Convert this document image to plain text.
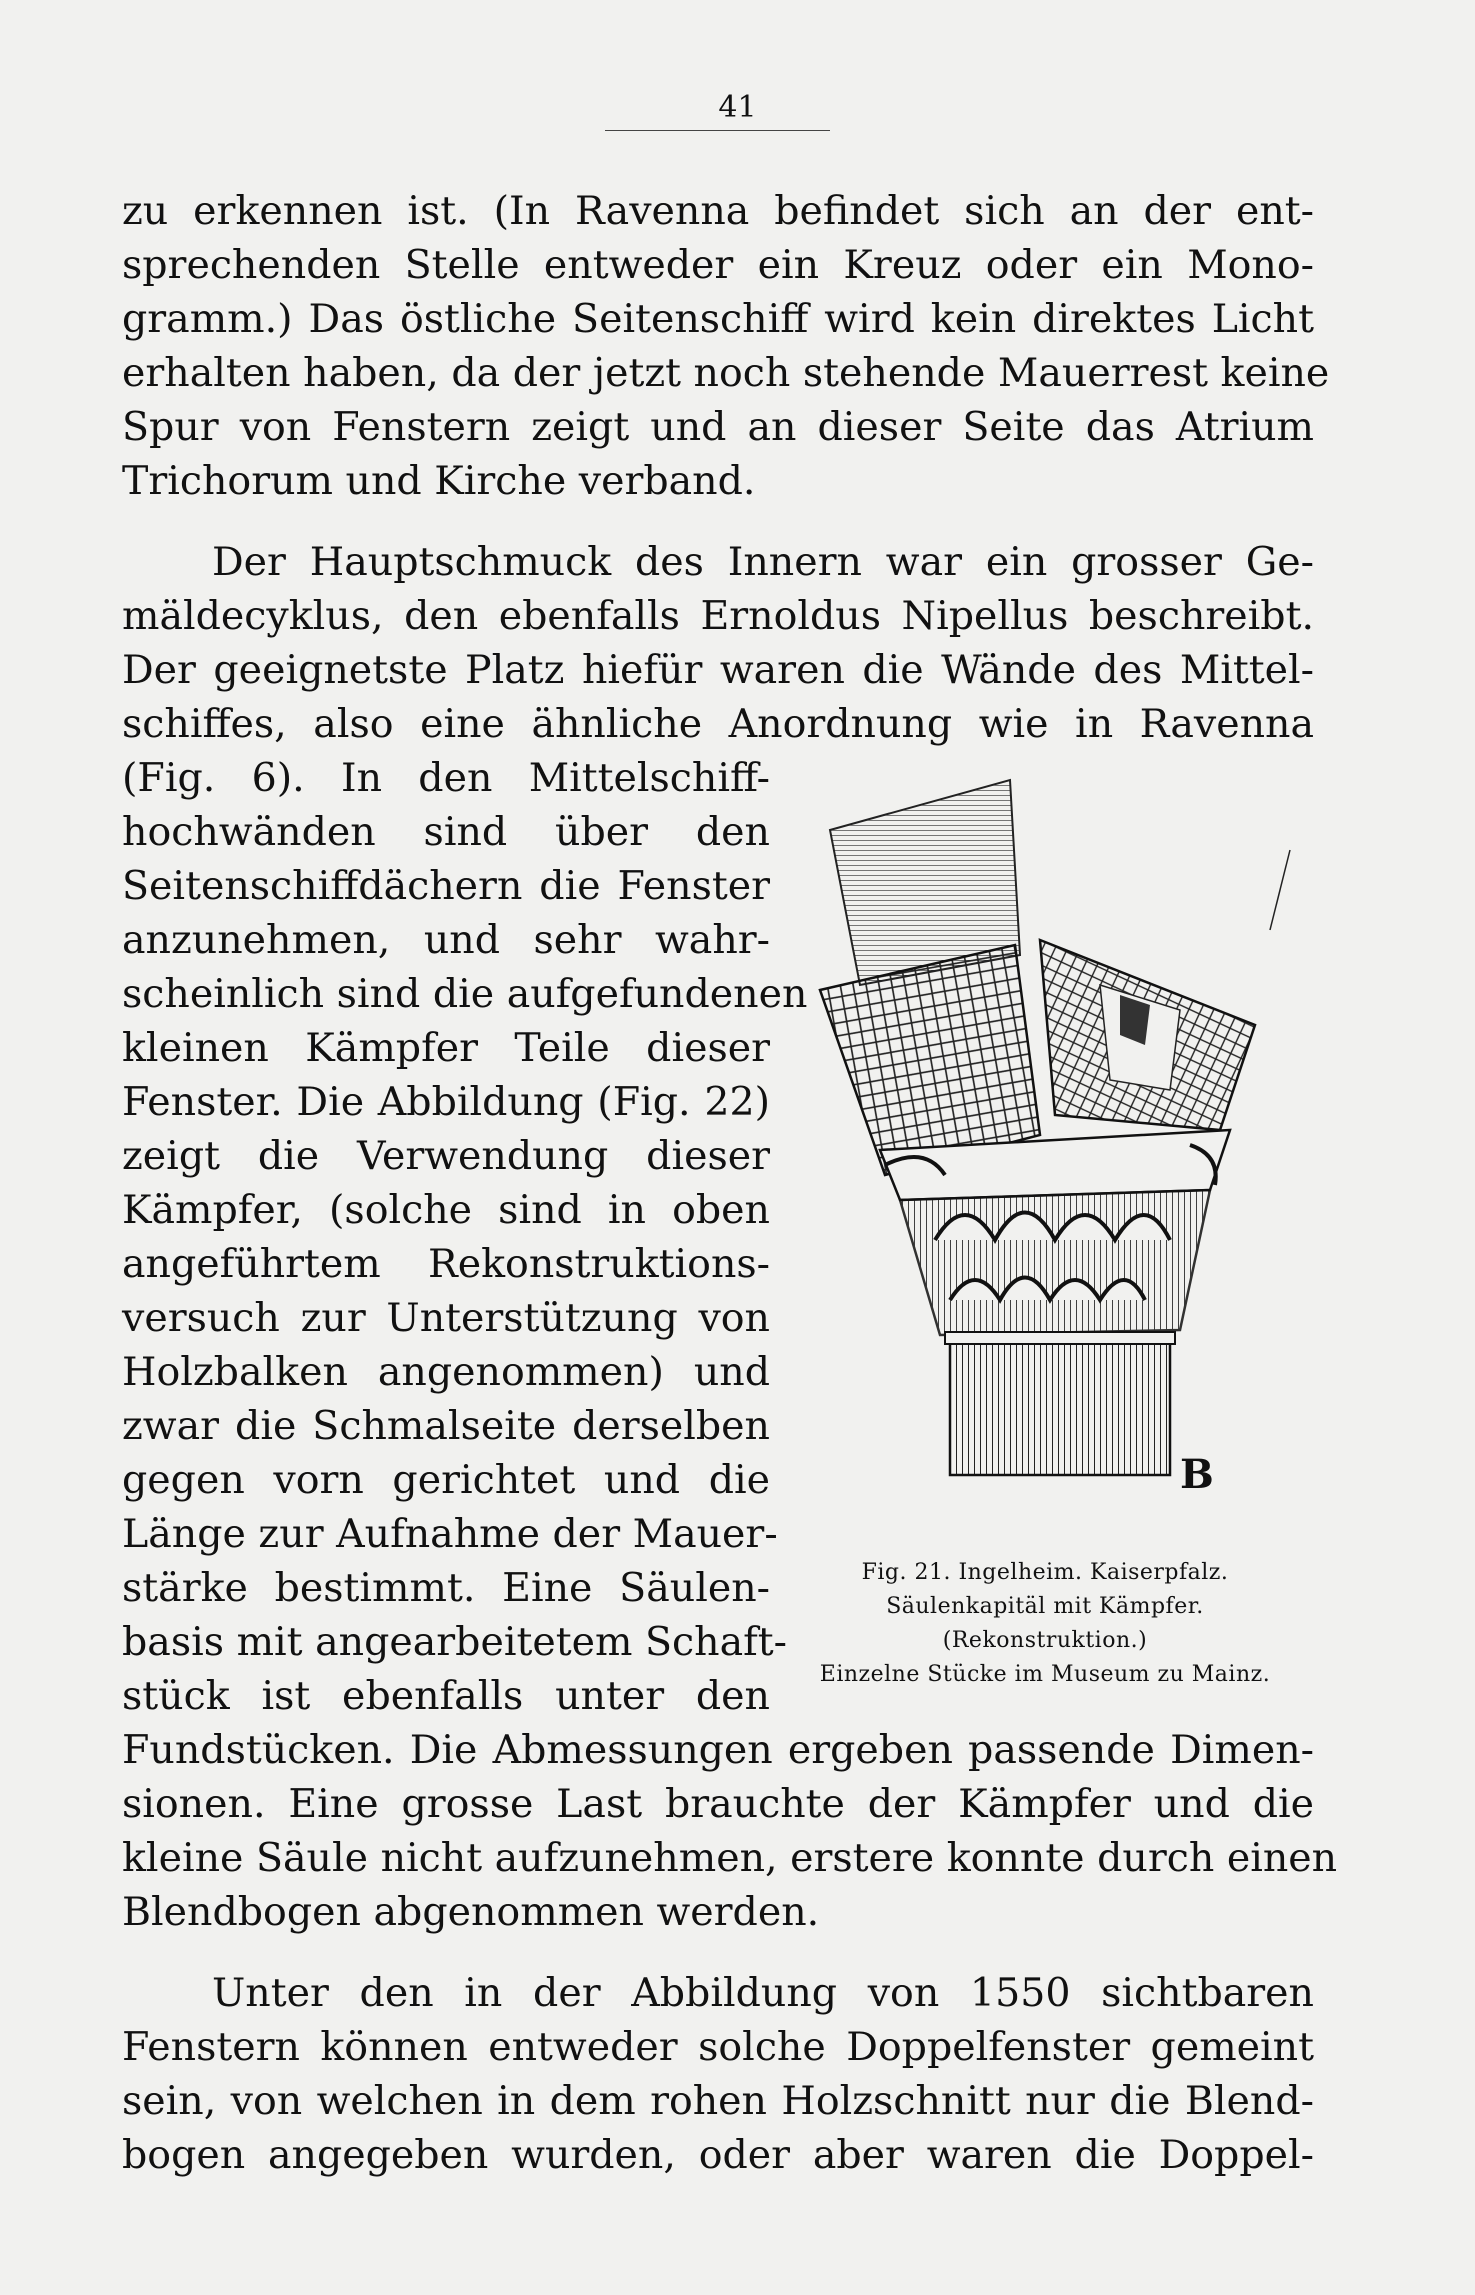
41
zu erkennen ist. (In Ravenna befindet sich an der ent-
sprechenden Stelle entweder ein Kreuz oder ein Mono-
gramm.) Das östliche Seitenschiff wird kein direktes Licht
erhalten haben, da der jetzt noch stehende Mauerrest keine
Spur von Fenstern zeigt und an dieser Seite das Atrium
Trichorum und Kirche verband.
Der Hauptschmuck des Innern war ein grosser Ge-
mäldecyklus, den ebenfalls Ernoldus Nipellus beschreibt.
Der geeignetste Platz hiefür waren die Wände des Mittel-
schiffes, also eine ähnliche Anordnung wie in Ravenna
(Fig. 6). In den Mittelschiff-
hochwänden sind über den
Seitenschiffdächern die Fenster
anzunehmen, und sehr wahr-
scheinlich sind die aufgefundenen
kleinen Kämpfer Teile dieser
Fenster. Die Abbildung (Fig. 22)
zeigt die Verwendung dieser
Kämpfer, (solche sind in oben
angeführtem Rekonstruktions-
versuch zur Unterstützung von
Holzbalken angenommen) und
zwar die Schmalseite derselben
gegen vorn gerichtet und die
Länge zur Aufnahme der Mauer-
stärke bestimmt. Eine Säulen-
basis mit angearbeitetem Schaft-
stück ist ebenfalls unter den
Fundstücken. Die Abmessungen ergeben passende Dimen-
sionen. Eine grosse Last brauchte der Kämpfer und die
kleine Säule nicht aufzunehmen, erstere konnte durch einen
Blendbogen abgenommen werden.
Unter den in der Abbildung von 1550 sichtbaren
Fenstern können entweder solche Doppelfenster gemeint
sein, von welchen in dem rohen Holzschnitt nur die Blend-
bogen angegeben wurden, oder aber waren die Doppel-
B
Fig. 21. Ingelheim. Kaiserpfalz.
Säulenkapitäl mit Kämpfer.
(Rekonstruktion.)
Einzelne Stücke im Museum zu Mainz.
